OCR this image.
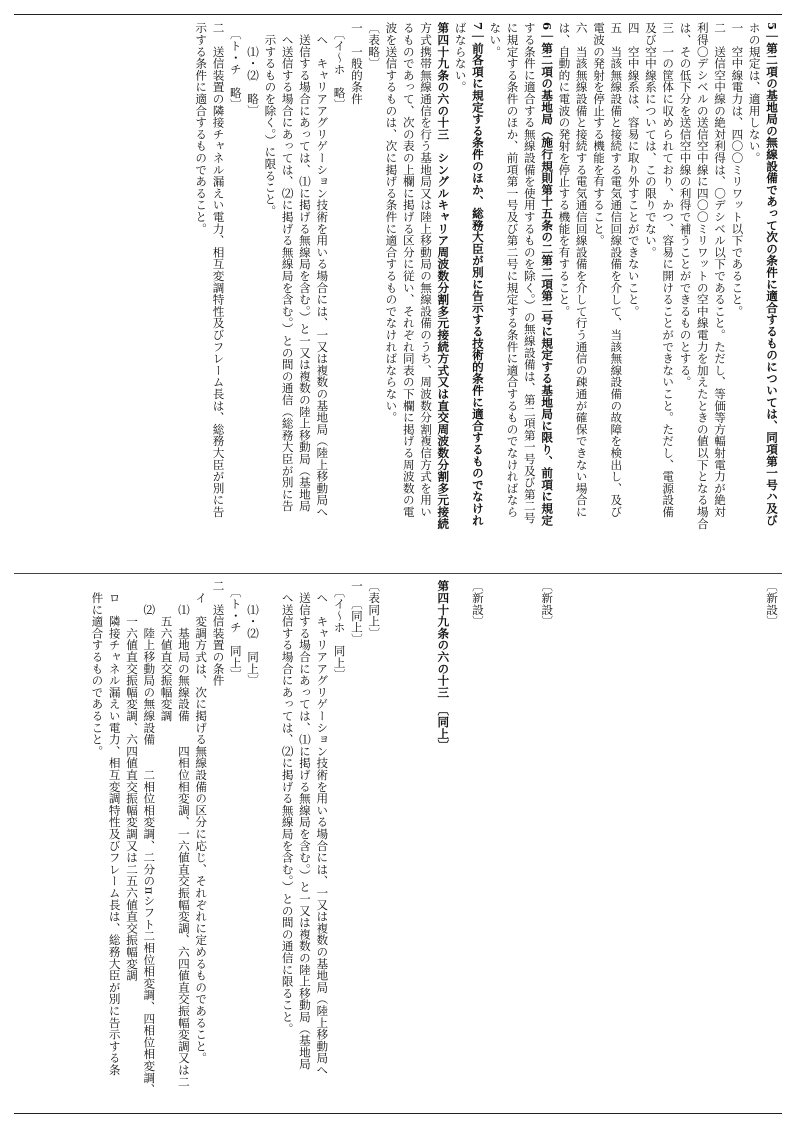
5｜第二項の基地局の無線設備であって次の条件に適合するものについては、同項第一号ハ及び
ホの規定は、適用しない。
一　空中線電力は、四〇〇ミリワット以下であること。
二　送信空中線の絶対利得は、〇デシベル以下であること。ただし、等価等方輻射電力が絶対
利得〇デシベルの送信空中線に四〇〇ミリワットの空中線電力を加えたときの値以下となる場合
は、その低下分を送信空中線の利得で補うことができるものとする。
三　一の筐体に収められており、かつ、容易に開けることができないこと。ただし、電源設備
及び空中線系については、この限りでない。
四　空中線系は、容易に取り外すことができないこと。
五　当該無線設備と接続する電気通信回線設備を介して、当該無線設備の故障を検出し、及び
電波の発射を停止する機能を有すること。
六　当該無線設備と接続する電気通信回線設備を介して行う通信の疎通が確保できない場合に
は、自動的に電波の発射を停止する機能を有すること。
6｜第二項の基地局（施行規則第十五条の二第二項第二号に規定する基地局に限り、前項に規定
する条件に適合する無線設備を使用するものを除く。）の無線設備は、第二項第一号及び第二号
に規定する条件のほか、前項第一号及び第二号に規定する条件に適合するものでなければなら
ない。
7｜前各項に規定する条件のほか、総務大臣が別に告示する技術的条件に適合するものでなけれ
ばならない。
第四十九条の六の十三　シングルキャリア周波数分割多元接続方式又は直交周波数分割多元接続
方式携帯無線通信を行う基地局又は陸上移動局の無線設備のうち、周波数分割複信方式を用い
るものであって、次の表の上欄に掲げる区分に従い、それぞれ同表の下欄に掲げる周波数の電
波を送信するものは、次に掲げる条件に適合するものでなければならない。
〔表略〕
一　一般的条件
　〔イ～ホ　略〕
　ヘ　キャリアアグリゲーション技術を用いる場合には、一又は複数の基地局（陸上移動局へ
　送信する場合にあっては、⑴に掲げる無線局を含む。）と一又は複数の陸上移動局（基地局
　へ送信する場合にあっては、⑵に掲げる無線局を含む。）との間の通信（総務大臣が別に告
　示するものを除く。）に限ること。
　　⑴・⑵　略〕
　〔ト・チ　略〕
二　送信装置の隣接チャネル漏えい電力、相互変調特性及びフレーム長は、総務大臣が別に告
示する条件に適合するものであること。
〔新設〕

〔新設〕

〔新設〕

第四十九条の六の十三　〔同上〕

〔表同上〕
一　〔同上〕
　〔イ～ホ　同上〕
　ヘ　キャリアアグリゲーション技術を用いる場合には、一又は複数の基地局（陸上移動局へ
　送信する場合にあっては、⑴に掲げる無線局を含む。）と一又は複数の陸上移動局（基地局
　へ送信する場合にあっては、⑵に掲げる無線局を含む。）との間の通信に限ること。

　　⑴・⑵　同上〕
　〔ト・チ　同上〕
二　送信装置の条件
　イ　変調方式は、次に掲げる無線設備の区分に応じ、それぞれに定めるものであること。
　　⑴　基地局の無線設備　　四相位相変調、一六値直交振幅変調、六四値直交振幅変調又は二
　　　五六値直交振幅変調
　　⑵　陸上移動局の無線設備　　二相位相変調、二分のπシフト二相位相変調、四相位相変調、
　　　一六値直交振幅変調、六四値直交振幅変調又は二五六値直交振幅変調
　ロ　隣接チャネル漏えい電力、相互変調特性及びフレーム長は、総務大臣が別に告示する条
　件に適合するものであること。
